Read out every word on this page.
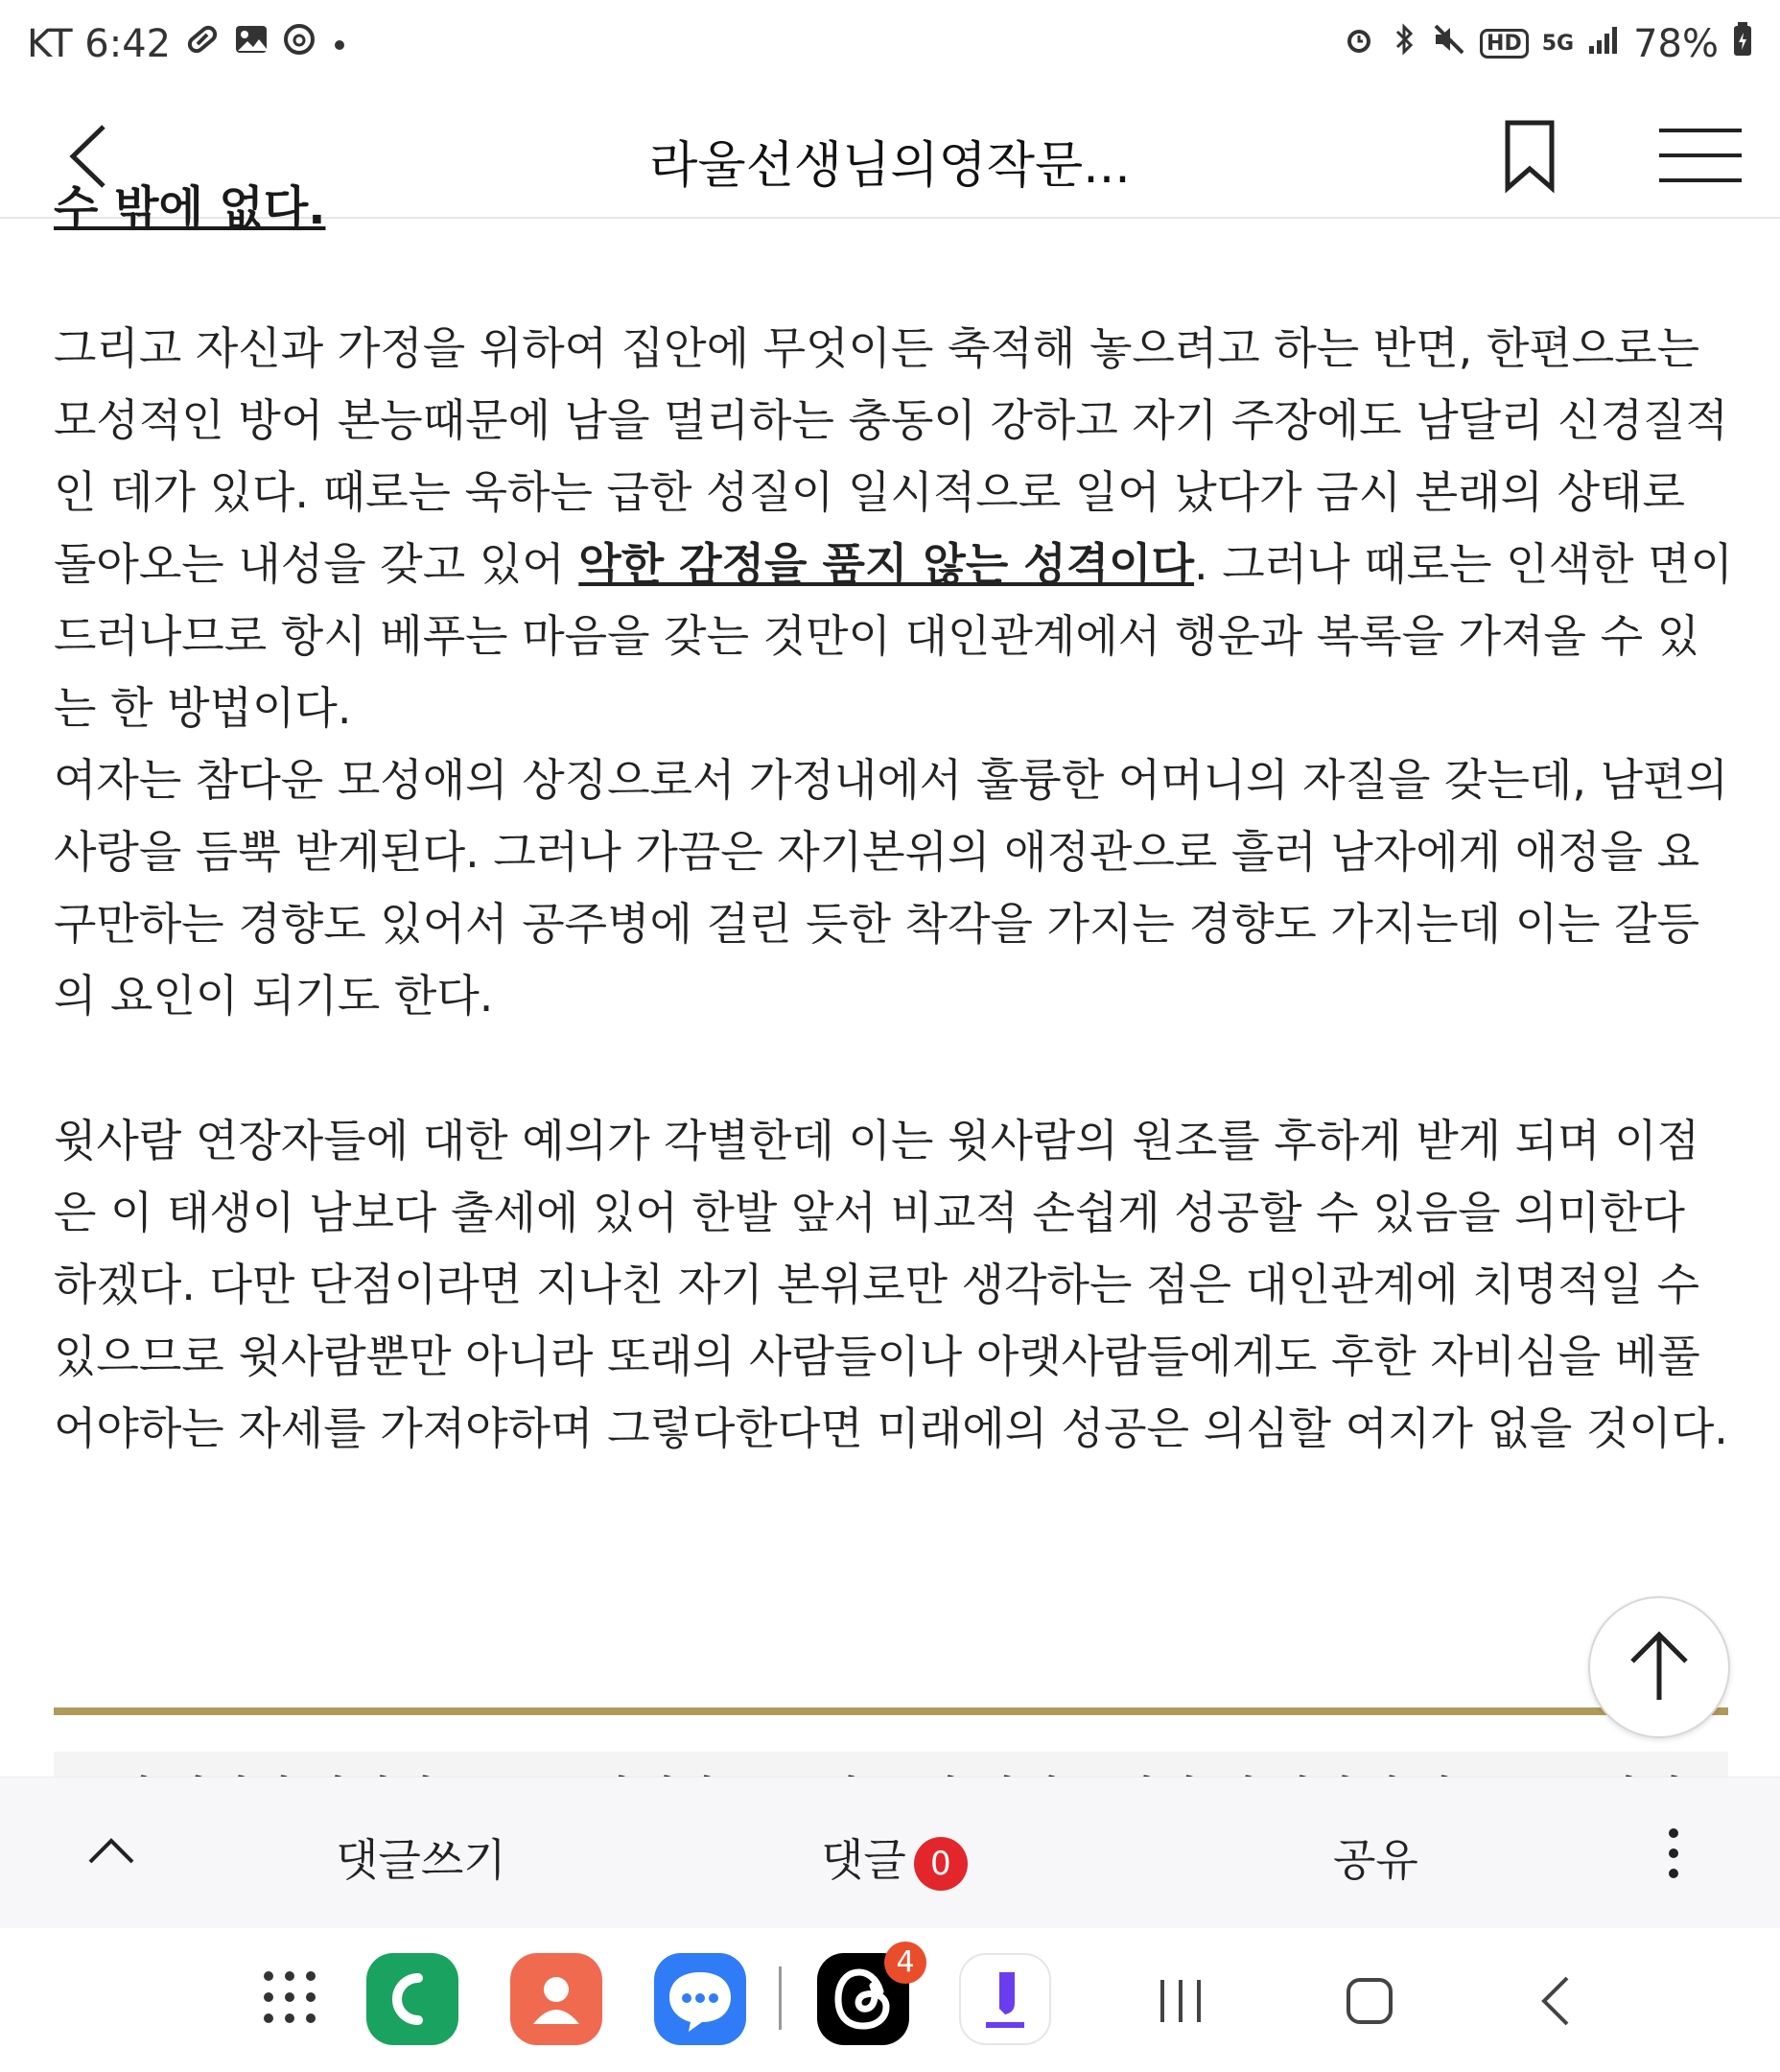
KT 6:42	HD 5G 78%
라울선생님의영작문...
수 밖에 없다.
그리고 자신과 가정을 위하여 집안에 무엇이든 축적해 놓으려고 하는 반면, 한편으로는 모성적인 방어 본능때문에 남을 멀리하는 충동이 강하고 자기 주장에도 남달리 신경질적인 데가 있다. 때로는 욱하는 급한 성질이 일시적으로 일어 났다가 금시 본래의 상태로 돌아오는 내성을 갖고 있어 악한 감정을 품지 않는 성격이다. 그러나 때로는 인색한 면이 드러나므로 항시 베푸는 마음을 갖는 것만이 대인관계에서 행운과 복록을 가져올 수 있는 한 방법이다.
여자는 참다운 모성애의 상징으로서 가정내에서 훌륭한 어머니의 자질을 갖는데, 남편의 사랑을 듬뿍 받게된다. 그러나 가끔은 자기본위의 애정관으로 흘러 남자에게 애정을 요구만하는 경향도 있어서 공주병에 걸린 듯한 착각을 가지는 경향도 가지는데 이는 갈등의 요인이 되기도 한다.
윗사람 연장자들에 대한 예의가 각별한데 이는 윗사람의 원조를 후하게 받게 되며 이점은 이 태생이 남보다 출세에 있어 한발 앞서 비교적 손쉽게 성공할 수 있음을 의미한다 하겠다. 다만 단점이라면 지나친 자기 본위로만 생각하는 점은 대인관계에 치명적일 수 있으므로 윗사람뿐만 아니라 또래의 사람들이나 아랫사람들에게도 후한 자비심을 베풀어야하는 자세를 가져야하며 그렇다한다면 미래에의 성공은 의심할 여지가 없을 것이다.
댓글쓰기	댓글 0	공유
4
